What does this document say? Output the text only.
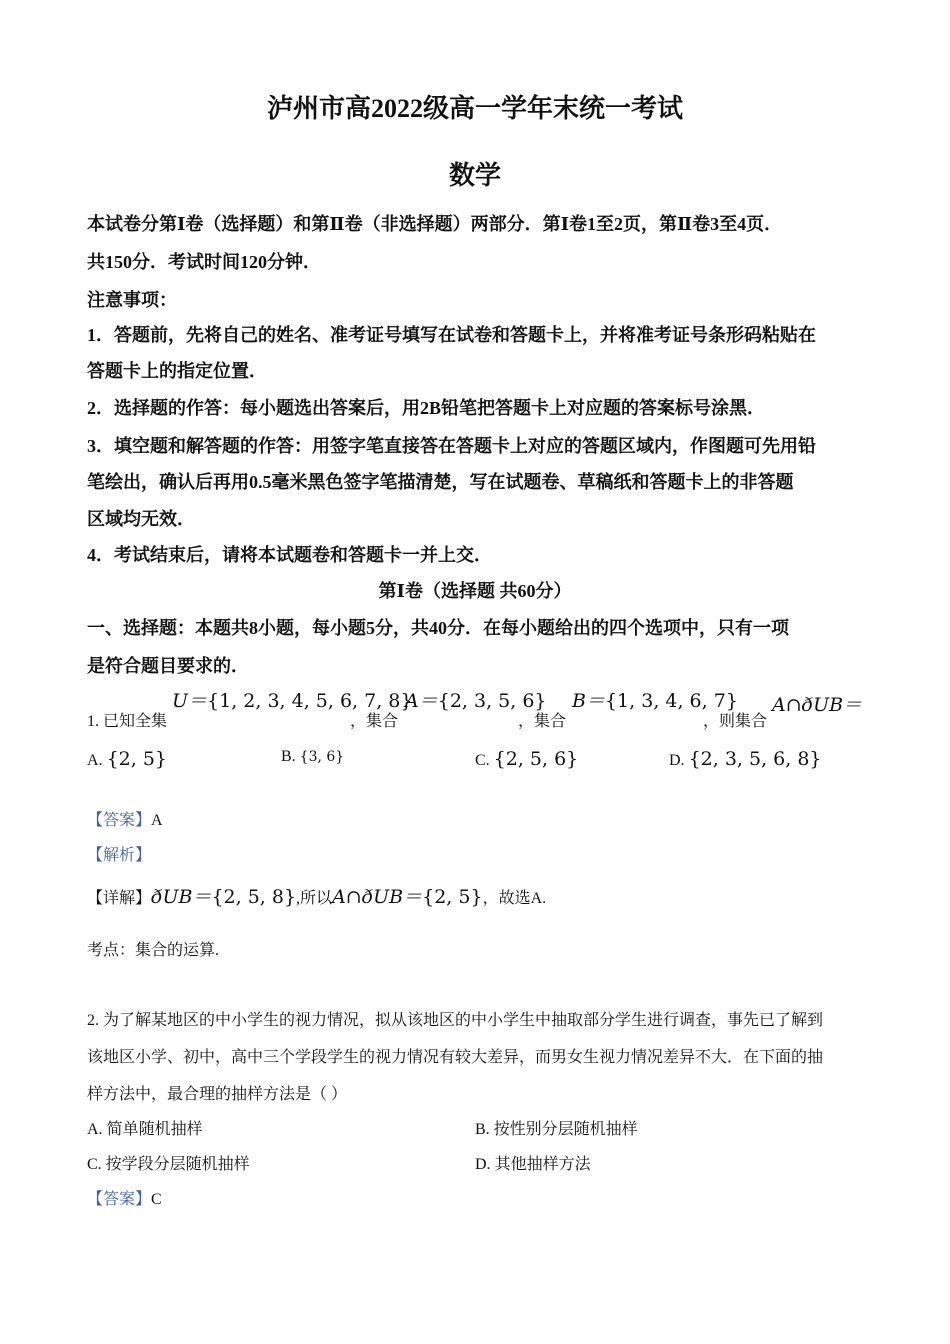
泸州市高2022级高一学年末统一考试
数学
本试卷分第Ⅰ卷（选择题）和第Ⅱ卷（非选择题）两部分．第Ⅰ卷1至2页，第Ⅱ卷3至4页．
共150分．考试时间120分钟．
注意事项：
1．答题前，先将自己的姓名、准考证号填写在试卷和答题卡上，并将准考证号条形码粘贴在
答题卡上的指定位置．
2．选择题的作答：每小题选出答案后，用2B铅笔把答题卡上对应题的答案标号涂黑．
3．填空题和解答题的作答：用签字笔直接答在答题卡上对应的答题区域内，作图题可先用铅
笔绘出，确认后再用0.5毫米黑色签字笔描清楚，写在试题卷、草稿纸和答题卡上的非答题
区域均无效．
4．考试结束后，请将本试题卷和答题卡一并上交．
第Ⅰ卷（选择题 共60分）
一、选择题：本题共8小题，每小题5分，共40分．在每小题给出的四个选项中，只有一项
是符合题目要求的．
1. 已知全集
U＝{1, 2, 3, 4, 5, 6, 7, 8}
，集合
A＝{2, 3, 5, 6}
，集合
B＝{1, 3, 4, 6, 7}
，则集合
A∩ðUB＝
A. {2, 5}	B. {3, 6}	C. {2, 5, 6}	D. {2, 3, 5, 6, 8}
【答案】A
【解析】
【详解】ðUB＝{2, 5, 8},所以A∩ðUB＝{2, 5}，故选A.
考点：集合的运算.
2. 为了解某地区的中小学生的视力情况，拟从该地区的中小学生中抽取部分学生进行调查，事先已了解到
该地区小学、初中，高中三个学段学生的视力情况有较大差异，而男女生视力情况差异不大．在下面的抽
样方法中，最合理的抽样方法是（ ）
A. 简单随机抽样	B. 按性别分层随机抽样
C. 按学段分层随机抽样	D. 其他抽样方法
【答案】C
